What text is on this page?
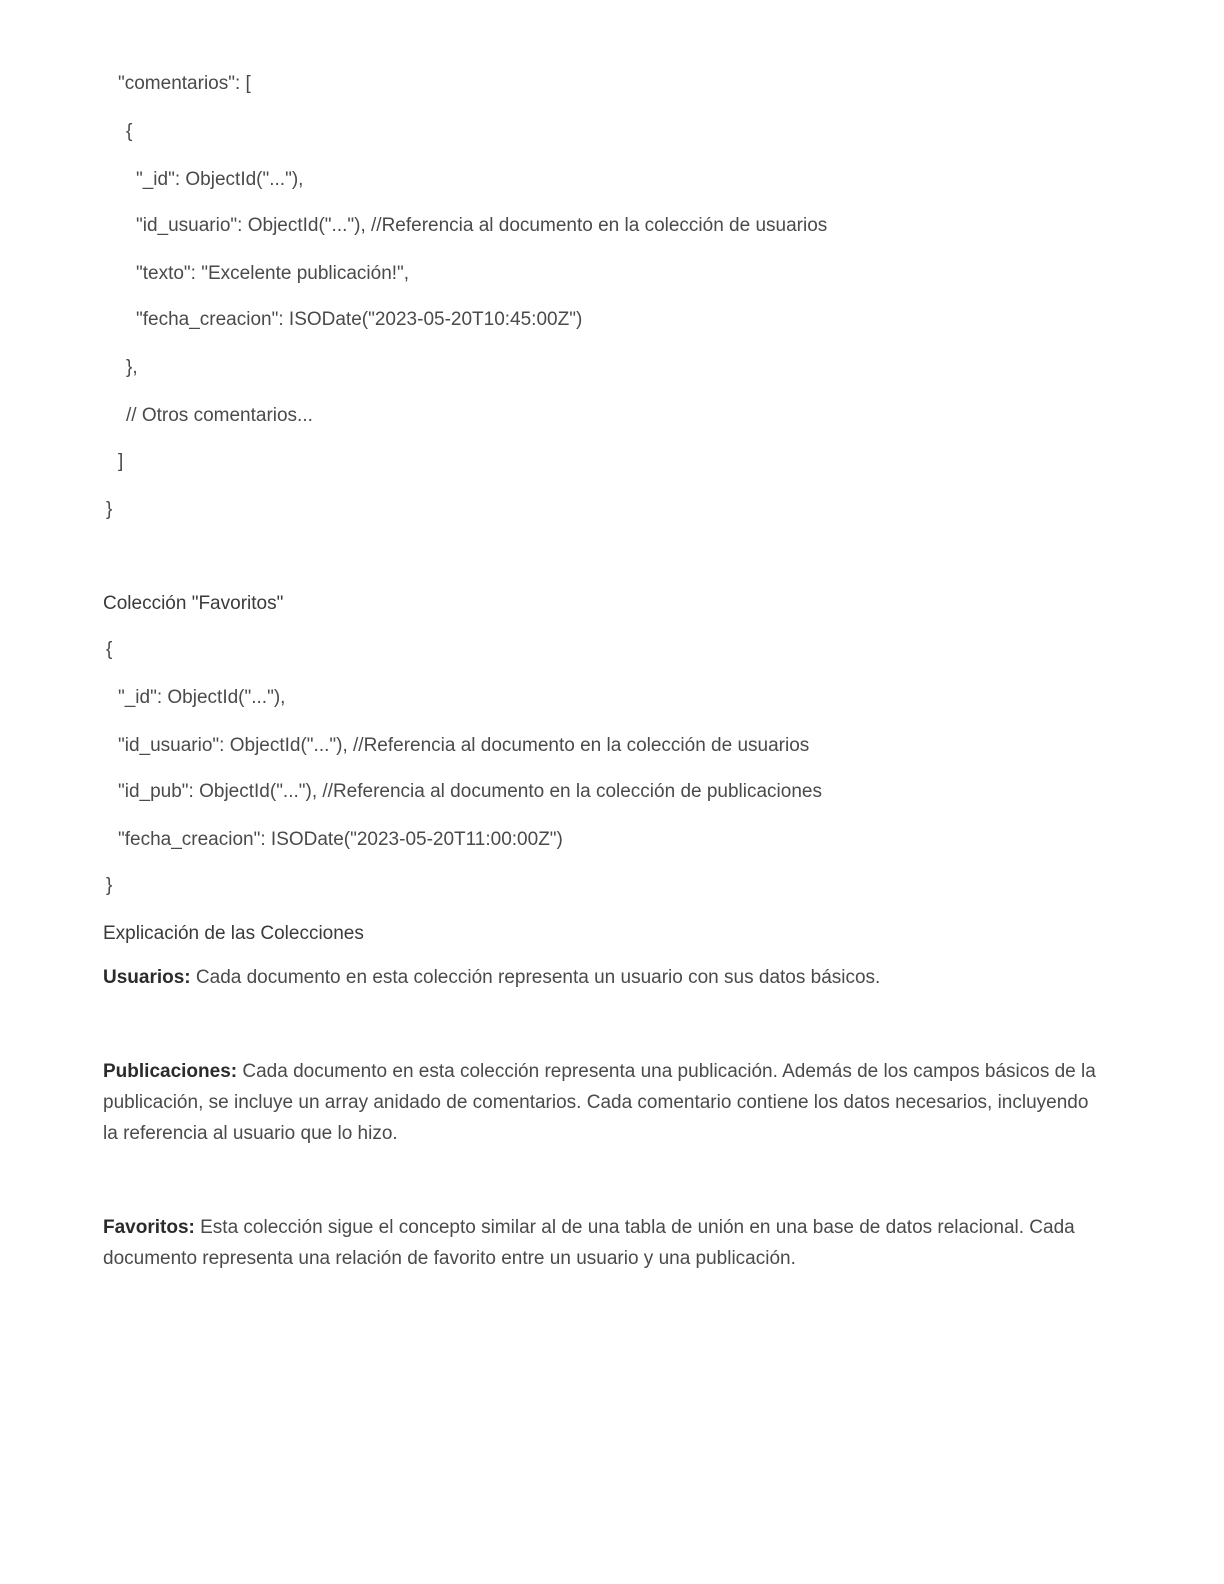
"comentarios": [
{
"_id": ObjectId("..."),
"id_usuario": ObjectId("..."), //Referencia al documento en la colección de usuarios
"texto": "Excelente publicación!",
"fecha_creacion": ISODate("2023-05-20T10:45:00Z")
},
// Otros comentarios...
]
}
Colección "Favoritos"
{
"_id": ObjectId("..."),
"id_usuario": ObjectId("..."), //Referencia al documento en la colección de usuarios
"id_pub": ObjectId("..."), //Referencia al documento en la colección de publicaciones
"fecha_creacion": ISODate("2023-05-20T11:00:00Z")
}
Explicación de las Colecciones
Usuarios: Cada documento en esta colección representa un usuario con sus datos básicos.
Publicaciones: Cada documento en esta colección representa una publicación. Además de los campos básicos de la publicación, se incluye un array anidado de comentarios. Cada comentario contiene los datos necesarios, incluyendo la referencia al usuario que lo hizo.
Favoritos: Esta colección sigue el concepto similar al de una tabla de unión en una base de datos relacional. Cada documento representa una relación de favorito entre un usuario y una publicación.
